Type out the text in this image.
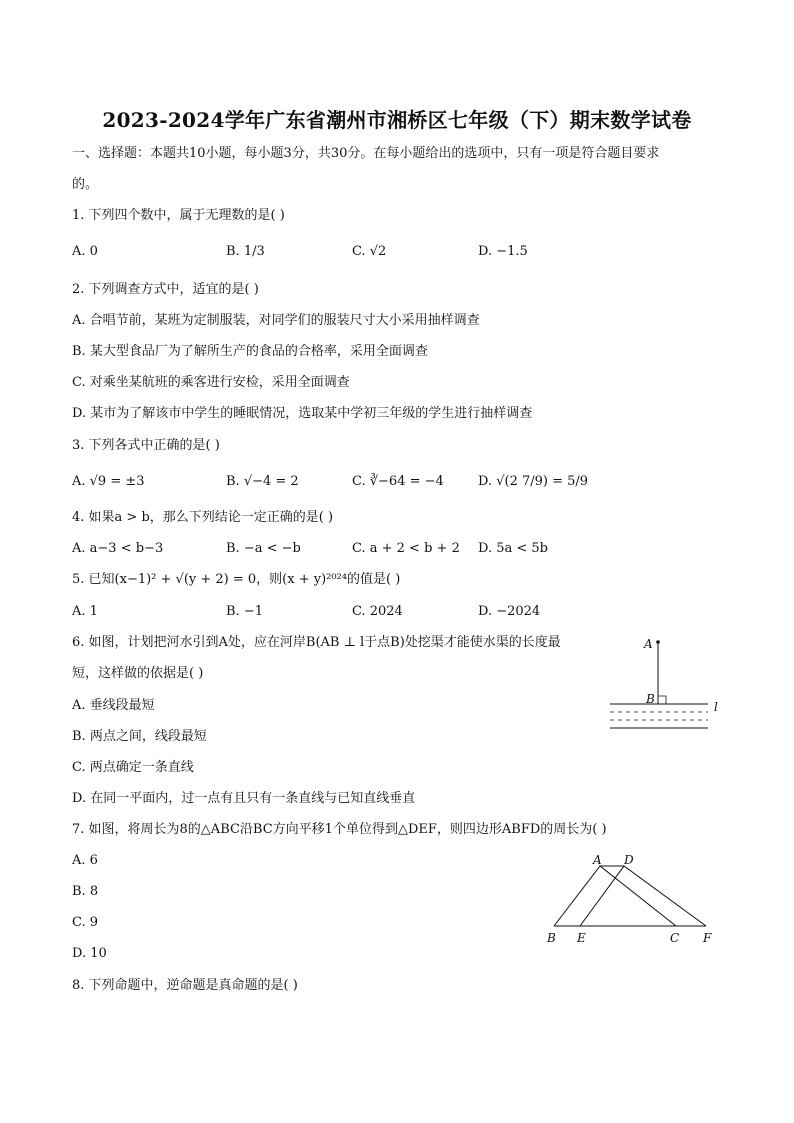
2023-2024学年广东省潮州市湘桥区七年级（下）期末数学试卷
一、选择题：本题共10小题，每小题3分，共30分。在每小题给出的选项中，只有一项是符合题目要求
的。
1. 下列四个数中，属于无理数的是( )
A. 0	B. 1/3	C. √2	D. −1.5
2. 下列调查方式中，适宜的是( )
A. 合唱节前，某班为定制服装，对同学们的服装尺寸大小采用抽样调查
B. 某大型食品厂为了解所生产的食品的合格率，采用全面调查
C. 对乘坐某航班的乘客进行安检，采用全面调查
D. 某市为了解该市中学生的睡眠情况，选取某中学初三年级的学生进行抽样调查
3. 下列各式中正确的是( )
A. √9 = ±3	B. √−4 = 2	C. ∛−64 = −4	D. √(2 7/9) = 5/9
4. 如果a > b，那么下列结论一定正确的是( )
A. a−3 < b−3	B. −a < −b	C. a + 2 < b + 2 D. 5a < 5b
5. 已知(x−1)² + √(y + 2) = 0，则(x + y)²⁰²⁴的值是( )
A. 1	B. −1	C. 2024	D. −2024
6. 如图，计划把河水引到A处，应在河岸B(AB ⊥ l于点B)处挖渠才能使水渠的长度最
短，这样做的依据是( )
A. 垂线段最短
B. 两点之间，线段最短
C. 两点确定一条直线
D. 在同一平面内，过一点有且只有一条直线与已知直线垂直
A
B
l
7. 如图，将周长为8的△ABC沿BC方向平移1个单位得到△DEF，则四边形ABFD的周长为( )
A. 6
B. 8
C. 9
D. 10
A D
B E	C F
8. 下列命题中，逆命题是真命题的是( )
